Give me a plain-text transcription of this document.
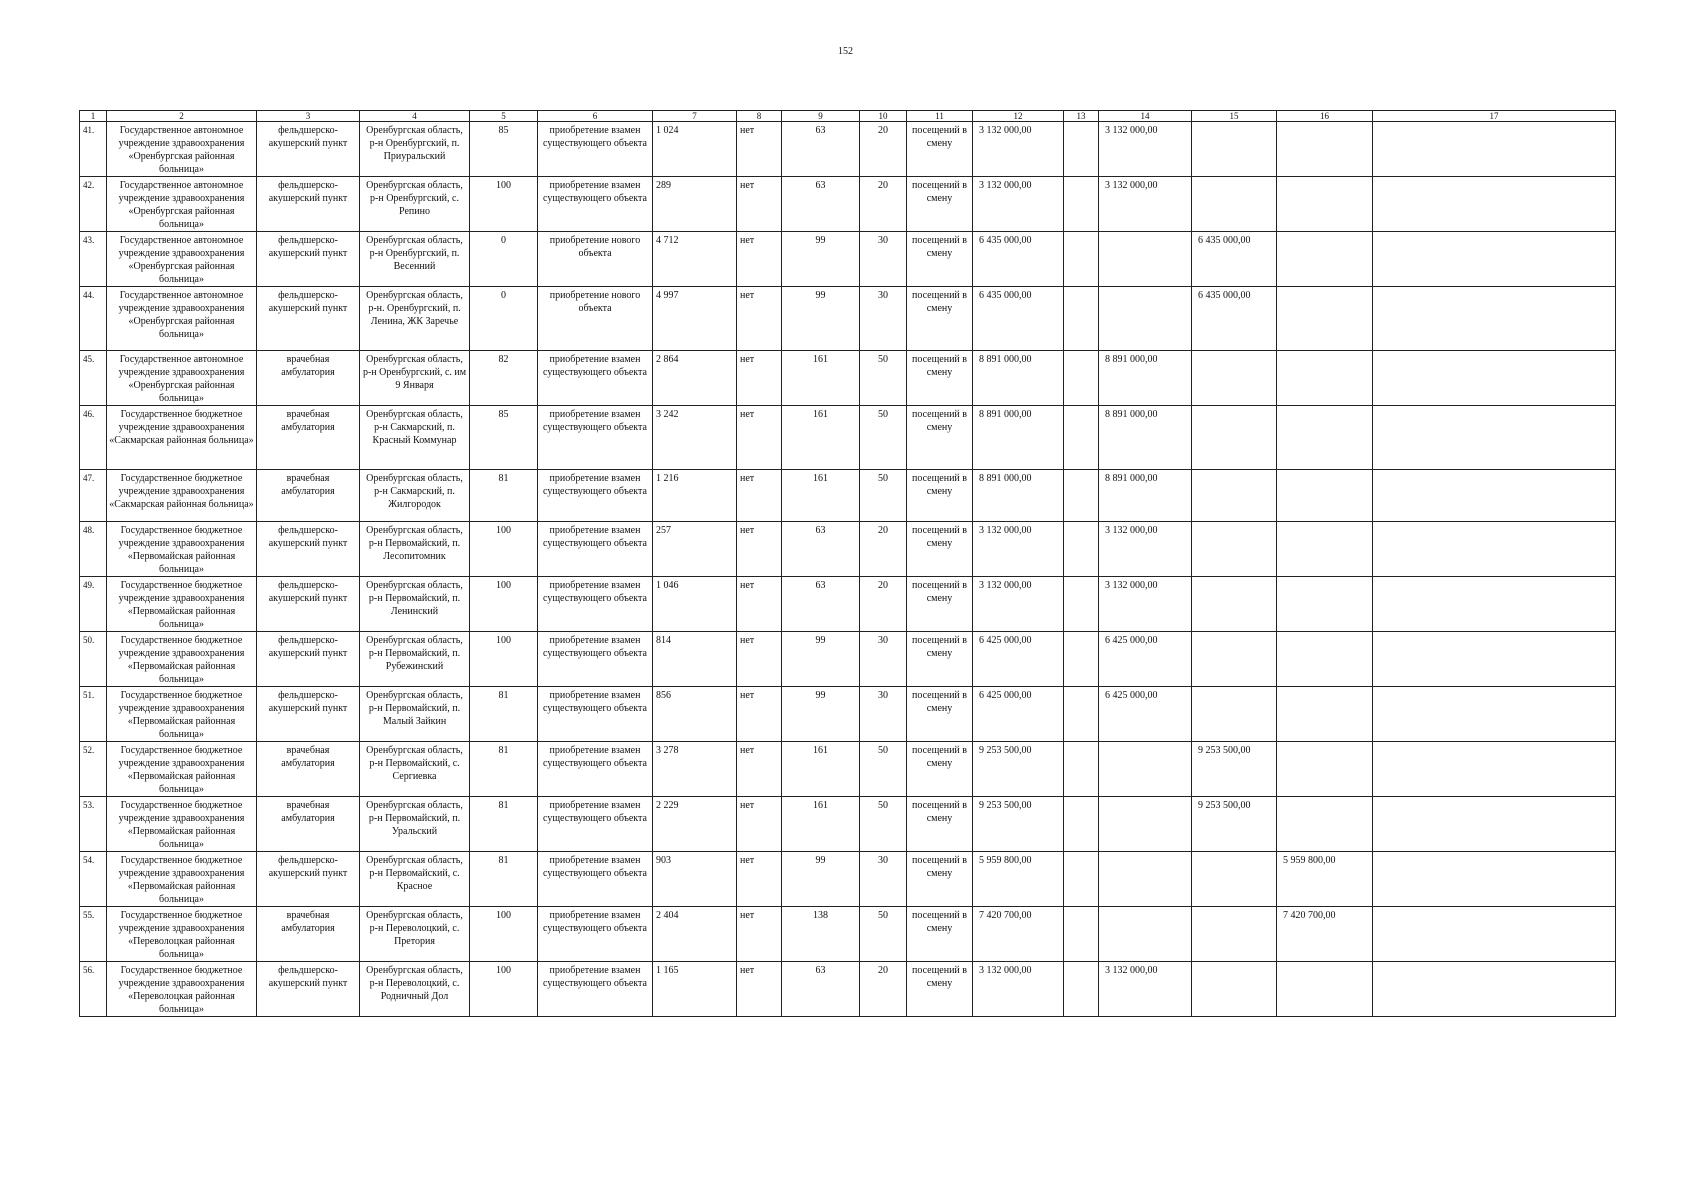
152
1	2	3	4	5	6	7	8	9	10	11	12	13	14	15	16	17
41.	Государственное автономное учреждение здравоохранения «Оренбургская районная больница»	фельдшерско-акушерский пункт	Оренбургская область, р-н Оренбургский, п. Приуральский	85	приобретение взамен существующего объекта	1 024	нет	63	20	посещений в смену	3 132 000,00		3 132 000,00			
42.	Государственное автономное учреждение здравоохранения «Оренбургская районная больница»	фельдшерско-акушерский пункт	Оренбургская область, р-н Оренбургский, с. Репино	100	приобретение взамен существующего объекта	289	нет	63	20	посещений в смену	3 132 000,00		3 132 000,00			
43.	Государственное автономное учреждение здравоохранения «Оренбургская районная больница»	фельдшерско-акушерский пункт	Оренбургская область, р-н Оренбургский, п. Весенний	0	приобретение нового объекта	4 712	нет	99	30	посещений в смену	6 435 000,00			6 435 000,00		
44.	Государственное автономное учреждение здравоохранения «Оренбургская районная больница»	фельдшерско-акушерский пункт	Оренбургская область, р-н. Оренбургский, п. Ленина, ЖК Заречье	0	приобретение нового объекта	4 997	нет	99	30	посещений в смену	6 435 000,00			6 435 000,00		
45.	Государственное автономное учреждение здравоохранения «Оренбургская районная больница»	врачебная амбулатория	Оренбургская область, р-н Оренбургский, с. им 9 Января	82	приобретение взамен существующего объекта	2 864	нет	161	50	посещений в смену	8 891 000,00		8 891 000,00			
46.	Государственное бюджетное учреждение здравоохранения «Сакмарская районная больница»	врачебная амбулатория	Оренбургская область, р-н Сакмарский, п. Красный Коммунар	85	приобретение взамен существующего объекта	3 242	нет	161	50	посещений в смену	8 891 000,00		8 891 000,00			
47.	Государственное бюджетное учреждение здравоохранения «Сакмарская районная больница»	врачебная амбулатория	Оренбургская область, р-н Сакмарский, п. Жилгородок	81	приобретение взамен существующего объекта	1 216	нет	161	50	посещений в смену	8 891 000,00		8 891 000,00			
48.	Государственное бюджетное учреждение здравоохранения «Первомайская районная больница»	фельдшерско-акушерский пункт	Оренбургская область, р-н Первомайский, п. Лесопитомник	100	приобретение взамен существующего объекта	257	нет	63	20	посещений в смену	3 132 000,00		3 132 000,00			
49.	Государственное бюджетное учреждение здравоохранения «Первомайская районная больница»	фельдшерско-акушерский пункт	Оренбургская область, р-н Первомайский, п. Ленинский	100	приобретение взамен существующего объекта	1 046	нет	63	20	посещений в смену	3 132 000,00		3 132 000,00			
50.	Государственное бюджетное учреждение здравоохранения «Первомайская районная больница»	фельдшерско-акушерский пункт	Оренбургская область, р-н Первомайский, п. Рубежинский	100	приобретение взамен существующего объекта	814	нет	99	30	посещений в смену	6 425 000,00		6 425 000,00			
51.	Государственное бюджетное учреждение здравоохранения «Первомайская районная больница»	фельдшерско-акушерский пункт	Оренбургская область, р-н Первомайский, п. Малый Зайкин	81	приобретение взамен существующего объекта	856	нет	99	30	посещений в смену	6 425 000,00		6 425 000,00			
52.	Государственное бюджетное учреждение здравоохранения «Первомайская районная больница»	врачебная амбулатория	Оренбургская область, р-н Первомайский, с. Сергиевка	81	приобретение взамен существующего объекта	3 278	нет	161	50	посещений в смену	9 253 500,00			9 253 500,00		
53.	Государственное бюджетное учреждение здравоохранения «Первомайская районная больница»	врачебная амбулатория	Оренбургская область, р-н Первомайский, п. Уральский	81	приобретение взамен существующего объекта	2 229	нет	161	50	посещений в смену	9 253 500,00			9 253 500,00		
54.	Государственное бюджетное учреждение здравоохранения «Первомайская районная больница»	фельдшерско-акушерский пункт	Оренбургская область, р-н Первомайский, с. Красное	81	приобретение взамен существующего объекта	903	нет	99	30	посещений в смену	5 959 800,00				5 959 800,00	
55.	Государственное бюджетное учреждение здравоохранения «Переволоцкая районная больница»	врачебная амбулатория	Оренбургская область, р-н Переволоцкий, с. Претория	100	приобретение взамен существующего объекта	2 404	нет	138	50	посещений в смену	7 420 700,00				7 420 700,00	
56.	Государственное бюджетное учреждение здравоохранения «Переволоцкая районная больница»	фельдшерско-акушерский пункт	Оренбургская область, р-н Переволоцкий, с. Родничный Дол	100	приобретение взамен существующего объекта	1 165	нет	63	20	посещений в смену	3 132 000,00		3 132 000,00			
